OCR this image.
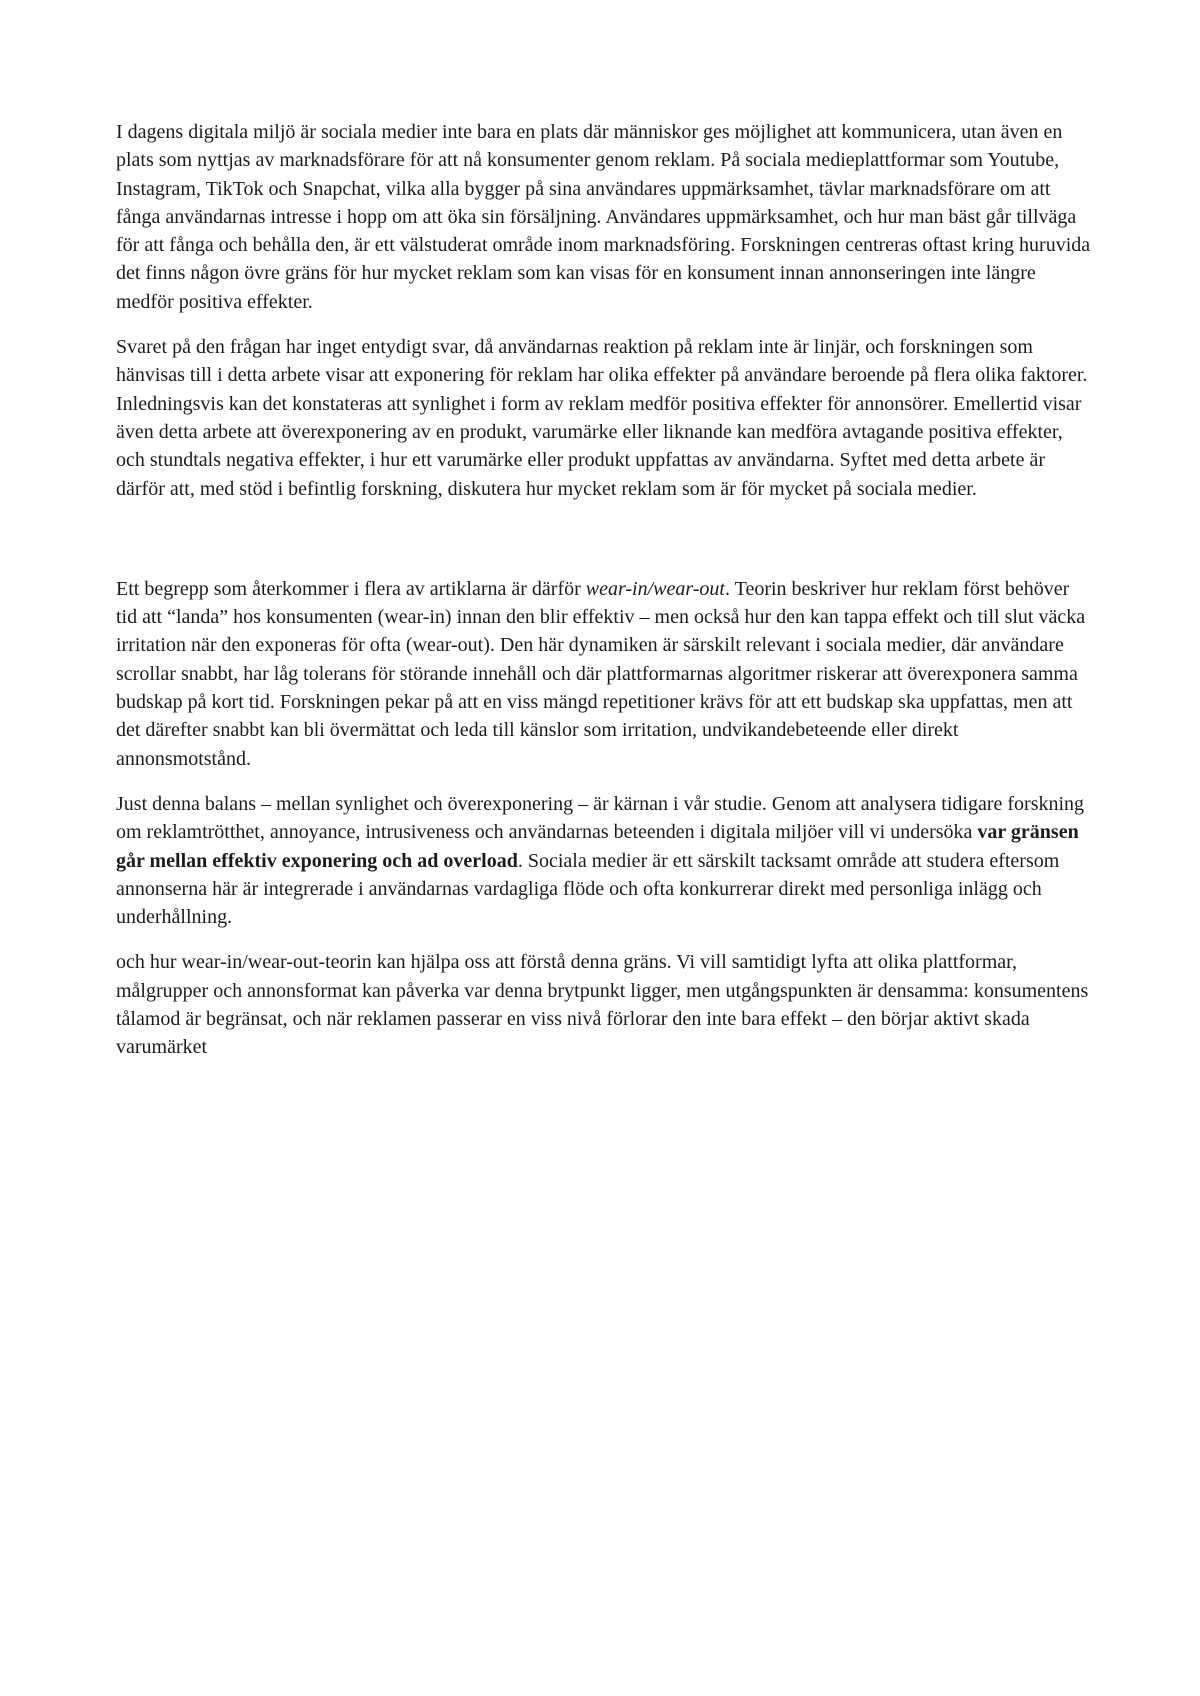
I dagens digitala miljö är sociala medier inte bara en plats där människor ges möjlighet att kommunicera, utan även en plats som nyttjas av marknadsförare för att nå konsumenter genom reklam. På sociala medieplattformar som Youtube, Instagram, TikTok och Snapchat, vilka alla bygger på sina användares uppmärksamhet, tävlar marknadsförare om att fånga användarnas intresse i hopp om att öka sin försäljning. Användares uppmärksamhet, och hur man bäst går tillväga för att fånga och behålla den, är ett välstuderat område inom marknadsföring. Forskningen centreras oftast kring huruvida det finns någon övre gräns för hur mycket reklam som kan visas för en konsument innan annonseringen inte längre medför positiva effekter.

Svaret på den frågan har inget entydigt svar, då användarnas reaktion på reklam inte är linjär, och forskningen som hänvisas till i detta arbete visar att exponering för reklam har olika effekter på användare beroende på flera olika faktorer. Inledningsvis kan det konstateras att synlighet i form av reklam medför positiva effekter för annonsörer. Emellertid visar även detta arbete att överexponering av en produkt, varumärke eller liknande kan medföra avtagande positiva effekter, och stundtals negativa effekter, i hur ett varumärke eller produkt uppfattas av användarna. Syftet med detta arbete är därför att, med stöd i befintlig forskning, diskutera hur mycket reklam som är för mycket på sociala medier.

Ett begrepp som återkommer i flera av artiklarna är därför wear-in/wear-out. Teorin beskriver hur reklam först behöver tid att “landa” hos konsumenten (wear-in) innan den blir effektiv – men också hur den kan tappa effekt och till slut väcka irritation när den exponeras för ofta (wear-out). Den här dynamiken är särskilt relevant i sociala medier, där användare scrollar snabbt, har låg tolerans för störande innehåll och där plattformarnas algoritmer riskerar att överexponera samma budskap på kort tid. Forskningen pekar på att en viss mängd repetitioner krävs för att ett budskap ska uppfattas, men att det därefter snabbt kan bli övermättat och leda till känslor som irritation, undvikandebeteende eller direkt annonsmotstånd.

Just denna balans – mellan synlighet och överexponering – är kärnan i vår studie. Genom att analysera tidigare forskning om reklamtrötthet, annoyance, intrusiveness och användarnas beteenden i digitala miljöer vill vi undersöka var gränsen går mellan effektiv exponering och ad overload. Sociala medier är ett särskilt tacksamt område att studera eftersom annonserna här är integrerade i användarnas vardagliga flöde och ofta konkurrerar direkt med personliga inlägg och underhållning.

och hur wear-in/wear-out-teorin kan hjälpa oss att förstå denna gräns. Vi vill samtidigt lyfta att olika plattformar, målgrupper och annonsformat kan påverka var denna brytpunkt ligger, men utgångspunkten är densamma: konsumentens tålamod är begränsat, och när reklamen passerar en viss nivå förlorar den inte bara effekt – den börjar aktivt skada varumärket
